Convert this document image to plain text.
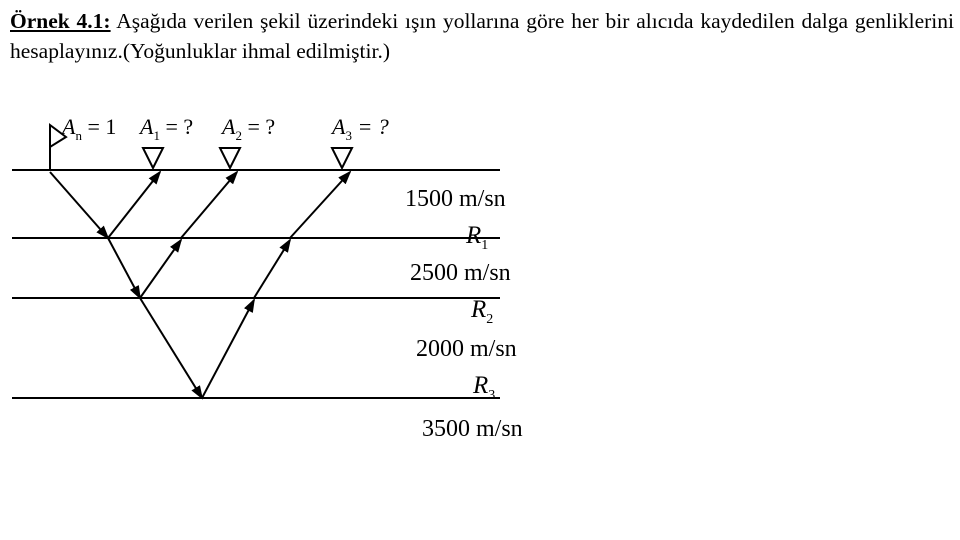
Örnek 4.1: Aşağıda verilen şekil üzerindeki ışın yollarına göre her bir alıcıda kaydedilen dalga genliklerini hesaplayınız.(Yoğunluklar ihmal edilmiştir.)
$A_n = 1$ $A_1$ = ? $A_2$ = ?	$A_3$ = ?
1500 m/sn
2500 m/sn
2000 m/sn
3500 m/sn
$R_1$
$R_2$
$R_3$
